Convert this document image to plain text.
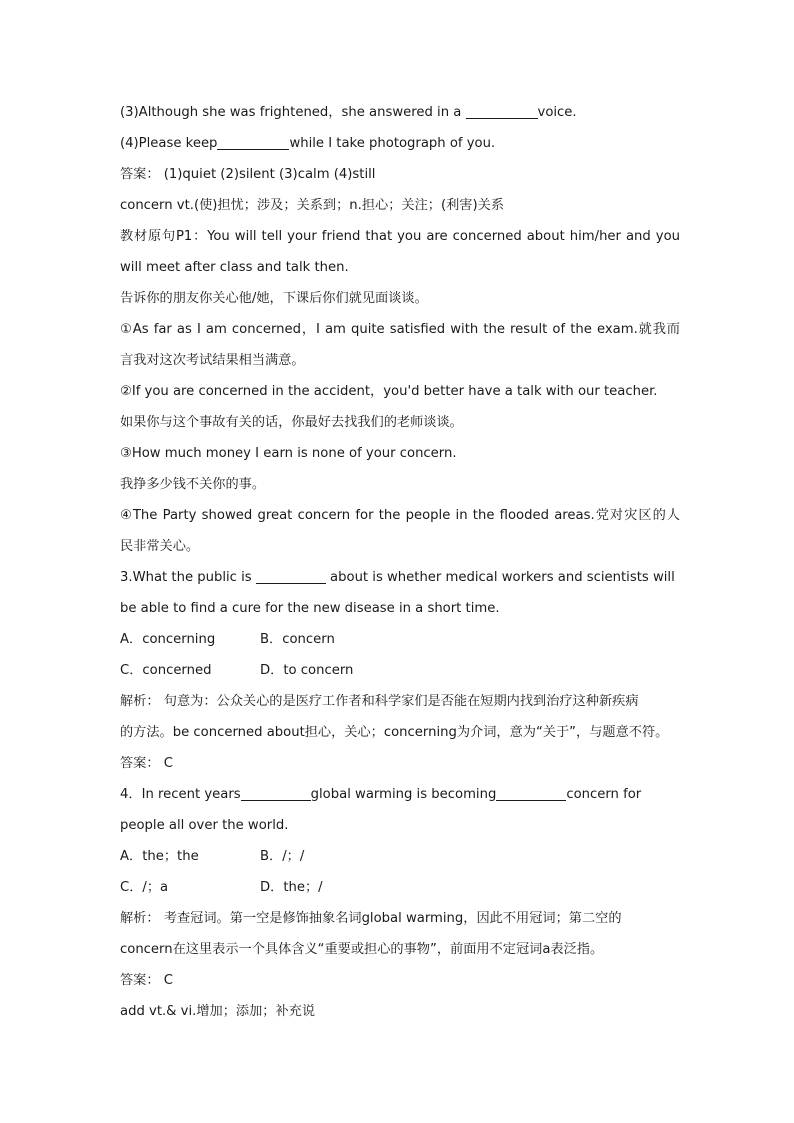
(3)Although she was frightened，she answered in a	voice.
(4)Please keep	while I take photograph of you.
答案： (1)quiet (2)silent (3)calm (4)still
concern vt.(使)担忧；涉及；关系到；n.担心；关注；(利害)关系
教材原句P1：You will tell your friend that you are concerned about him/her and you
will meet after class and talk then.
告诉你的朋友你关心他/她，下课后你们就见面谈谈。
①As far as I am concerned，I am quite satisfied with the result of the exam.就我而
言我对这次考试结果相当满意。
②If you are concerned in the accident，you'd better have a talk with our teacher.
如果你与这个事故有关的话，你最好去找我们的老师谈谈。
③How much money I earn is none of your concern.
我挣多少钱不关你的事。
④The Party showed great concern for the people in the flooded areas.党对灾区的人
民非常关心。
3.What the public is	about is whether medical workers and scientists will
be able to find a cure for the new disease in a short time.
A．concerning	B．concern
C．concerned	D．to concern
解析： 句意为：公众关心的是医疗工作者和科学家们是否能在短期内找到治疗这种新疾病
的方法。be concerned about担心，关心；concerning为介词，意为“关于”，与题意不符。
答案： C
4．In recent years	global warming is becoming	concern for
people all over the world.
A．the；the	B．/；/
C．/；a	D．the；/
解析： 考查冠词。第一空是修饰抽象名词global warming，因此不用冠词；第二空的
concern在这里表示一个具体含义“重要或担心的事物”，前面用不定冠词a表泛指。
答案： C
add vt.& vi.增加；添加；补充说
